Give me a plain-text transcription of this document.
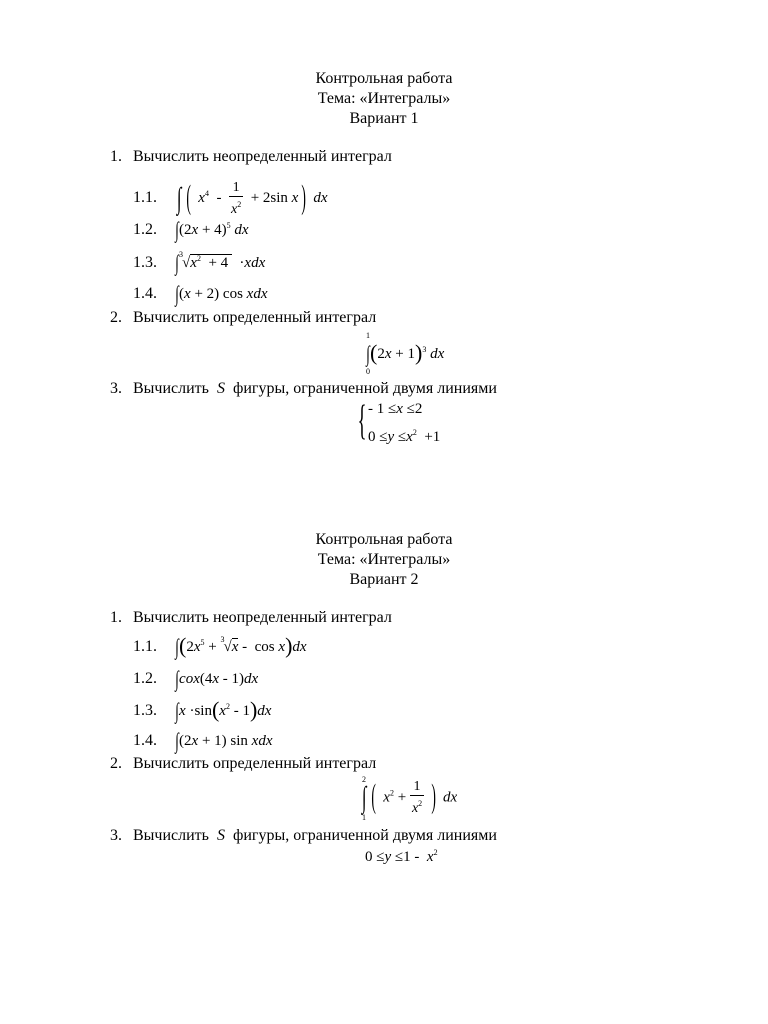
Контрольная работа
Тема: «Интегралы»
Вариант 1
1. Вычислить неопределенный интеграл
1.1. ∫ ( $x^4 - \frac{1}{x^2} + 2\sin$ x) dx
1.2. $\int(2x + 4)^5$ dx
1.3. ∫ 3
$√x^2 + 4 \cdot xdx$
1.4. ∫(x + 2) cos xdx
2. Вычислить определенный интеграл
1
0
$\int(2x + 1)^3$ dx
3. Вычислить S фигуры, ограниченной двумя линиями
{ - 1 ≤x ≤2
$0 \le y \le x^2 +1$
Контрольная работа
Тема: «Интегралы»
Вариант 2
1. Вычислить неопределенный интеграл
1.1. $\int(2x^5 + 3$ √x -  cos x)dx
1.2. ∫cox(4x - 1)dx
1.3. $\int x \cdot\sin(x^2 - 1)dx$
1.4. ∫(2x + 1) sin xdx
2. Вычислить определенный интеграл
2
1
∫ ( $x^2 + \frac{1}{x^2}$ ) dx
3. Вычислить S фигуры, ограниченной двумя линиями
$0 \le y \le 1 - x^2$
